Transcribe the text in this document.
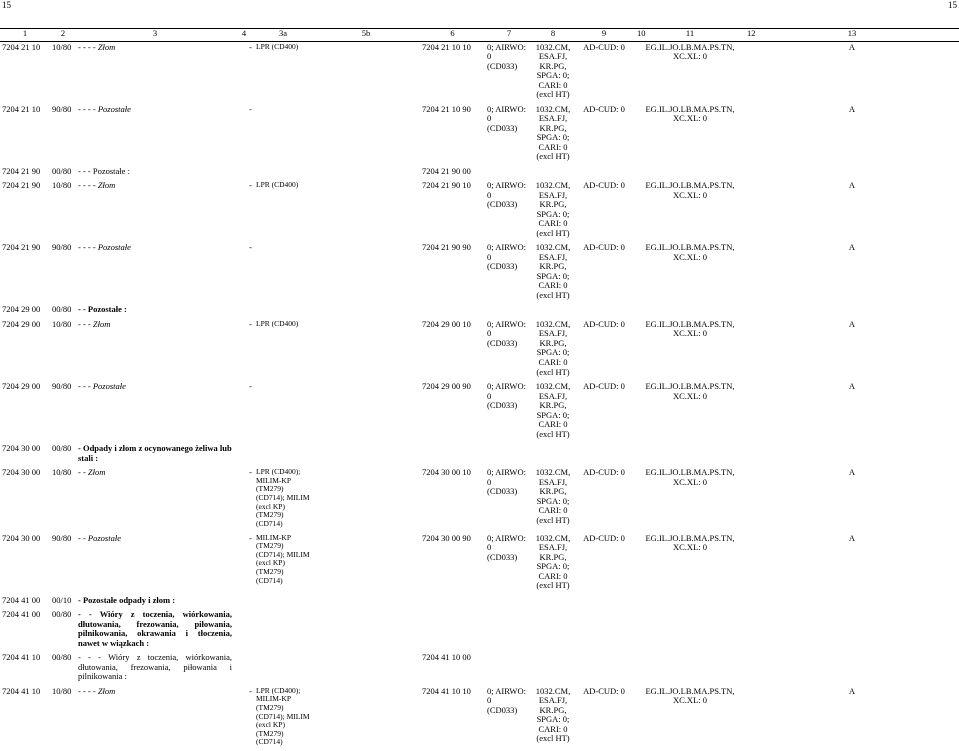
15	15
1	2	3	4	3a	5b	6	7	8	9	10	11	12	13
7204 21 10	10/80	- - - - Złom	-	LPR (CD400)		7204 21 10 10	0; AIRWO: 0
(CD033)	1032.CM, ESA.FJ, KR.PG, SPGA: 0; CARI: 0 (excl HT)	AD-CUD: 0		EG.IL.JO.LB.MA.PS.TN,
XC.XL: 0		A

7204 21 10	90/80	- - - - Pozostałe	-			7204 21 10 90	0; AIRWO: 0
(CD033)	1032.CM, ESA.FJ, KR.PG, SPGA: 0; CARI: 0 (excl HT)	AD-CUD: 0		EG.IL.JO.LB.MA.PS.TN,
XC.XL: 0		A

7204 21 90	00/80	- - - Pozostałe :				7204 21 90 00							

7204 21 90	10/80	- - - - Złom	-	LPR (CD400)		7204 21 90 10	0; AIRWO: 0
(CD033)	1032.CM, ESA.FJ, KR.PG, SPGA: 0; CARI: 0 (excl HT)	AD-CUD: 0		EG.IL.JO.LB.MA.PS.TN,
XC.XL: 0		A

7204 21 90	90/80	- - - - Pozostałe	-			7204 21 90 90	0; AIRWO: 0
(CD033)	1032.CM, ESA.FJ, KR.PG, SPGA: 0; CARI: 0 (excl HT)	AD-CUD: 0		EG.IL.JO.LB.MA.PS.TN,
XC.XL: 0		A

7204 29 00	00/80	- - Pozostałe :											

7204 29 00	10/80	- - - Złom	-	LPR (CD400)		7204 29 00 10	0; AIRWO: 0
(CD033)	1032.CM, ESA.FJ, KR.PG, SPGA: 0; CARI: 0 (excl HT)	AD-CUD: 0		EG.IL.JO.LB.MA.PS.TN,
XC.XL: 0		A

7204 29 00	90/80	- - - Pozostałe	-			7204 29 00 90	0; AIRWO: 0
(CD033)	1032.CM, ESA.FJ, KR.PG, SPGA: 0; CARI: 0 (excl HT)	AD-CUD: 0		EG.IL.JO.LB.MA.PS.TN,
XC.XL: 0		A

7204 30 00	00/80	- Odpady i złom z ocynowanego żeliwa lub stali :											

7204 30 00	10/80	- - Złom	-	LPR (CD400);
MILIM-KP (TM279)
(CD714); MILIM
(excl KP) (TM279)
(CD714)		7204 30 00 10	0; AIRWO: 0
(CD033)	1032.CM, ESA.FJ, KR.PG, SPGA: 0; CARI: 0 (excl HT)	AD-CUD: 0		EG.IL.JO.LB.MA.PS.TN,
XC.XL: 0		A

7204 30 00	90/80	- - Pozostałe	-	MILIM-KP (TM279)
(CD714); MILIM
(excl KP) (TM279)
(CD714)		7204 30 00 90	0; AIRWO: 0
(CD033)	1032.CM, ESA.FJ, KR.PG, SPGA: 0; CARI: 0 (excl HT)	AD-CUD: 0		EG.IL.JO.LB.MA.PS.TN,
XC.XL: 0		A

7204 41 00	00/10	- Pozostałe odpady i złom :											

7204 41 00	00/80	- - Wióry z toczenia, wiórkowania, dłutowania, frezowania, piłowania, pilnikowania, okrawania i tłoczenia, nawet w wiązkach :											

7204 41 10	00/80	- - - Wióry z toczenia, wiórkowania, dłutowania, frezowania, piłowania i pilnikowania :				7204 41 10 00							

7204 41 10	10/80	- - - - Złom	-	LPR (CD400);
MILIM-KP (TM279)
(CD714); MILIM
(excl KP) (TM279)
(CD714)		7204 41 10 10	0; AIRWO: 0
(CD033)	1032.CM, ESA.FJ, KR.PG, SPGA: 0; CARI: 0 (excl HT)	AD-CUD: 0		EG.IL.JO.LB.MA.PS.TN,
XC.XL: 0		A
